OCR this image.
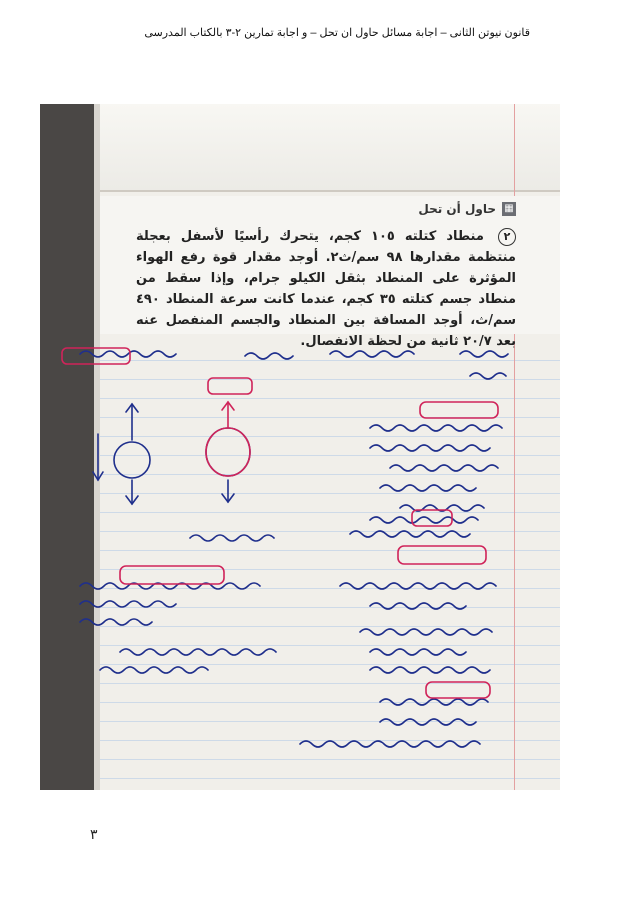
قانون نيوتن الثانى – اجابة مسائل حاول ان تحل – و اجابة تمارين ٢-٣ بالكتاب المدرسى
▦
حاول أن تحل
٢ منطاد كتلته ١٠٥ كجم، يتحرك رأسيًا لأسفل بعجلة منتظمة مقدارها ٩٨ سم/ث٢. أوجد مقدار قوة رفع الهواء المؤثرة على المنطاد بثقل الكيلو جرام، وإذا سقط من منطاد جسم كتلته ٣٥ كجم، عندما كانت سرعة المنطاد ٤٩٠ سم/ث، أوجد المسافة بين المنطاد والجسم المنفصل عنه بعد ٢٠/٧ ثانية من لحظة الانفصال.
٣
